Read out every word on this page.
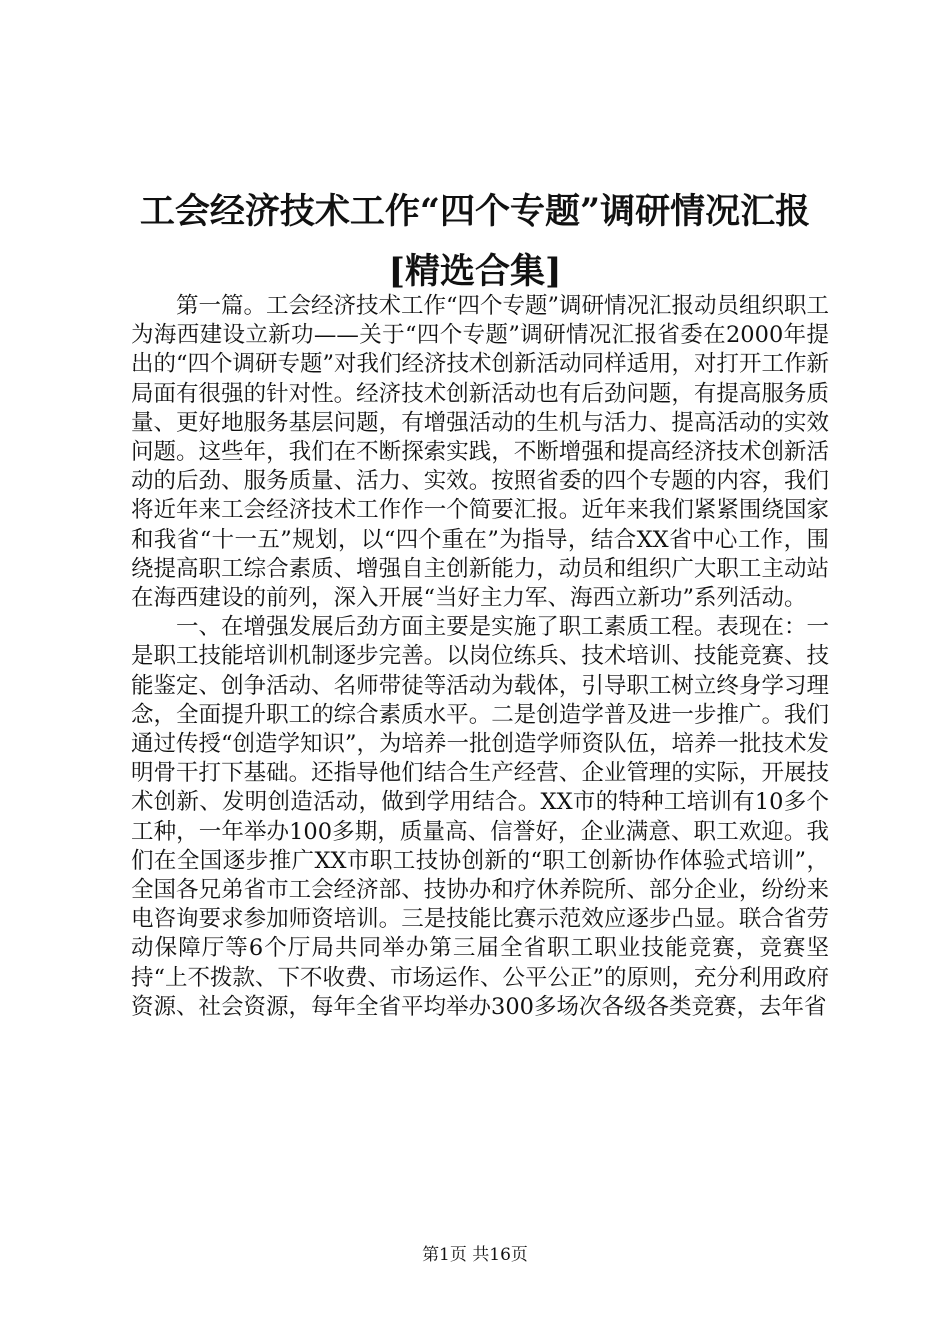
工会经济技术工作“四个专题”调研情况汇报
[精选合集]

第一篇。工会经济技术工作“四个专题”调研情况汇报动员组织职工为海西建设立新功——关于“四个专题”调研情况汇报省委在2000年提出的“四个调研专题”对我们经济技术创新活动同样适用，对打开工作新局面有很强的针对性。经济技术创新活动也有后劲问题，有提高服务质量、更好地服务基层问题，有增强活动的生机与活力、提高活动的实效问题。这些年，我们在不断探索实践，不断增强和提高经济技术创新活动的后劲、服务质量、活力、实效。按照省委的四个专题的内容，我们将近年来工会经济技术工作作一个简要汇报。近年来我们紧紧围绕国家和我省“十一五”规划，以“四个重在”为指导，结合XX省中心工作，围绕提高职工综合素质、增强自主创新能力，动员和组织广大职工主动站在海西建设的前列，深入开展“当好主力军、海西立新功”系列活动。

一、在增强发展后劲方面主要是实施了职工素质工程。表现在：一是职工技能培训机制逐步完善。以岗位练兵、技术培训、技能竞赛、技能鉴定、创争活动、名师带徒等活动为载体，引导职工树立终身学习理念，全面提升职工的综合素质水平。二是创造学普及进一步推广。我们通过传授“创造学知识”，为培养一批创造学师资队伍，培养一批技术发明骨干打下基础。还指导他们结合生产经营、企业管理的实际，开展技术创新、发明创造活动，做到学用结合。XX市的特种工培训有10多个工种，一年举办100多期，质量高、信誉好，企业满意、职工欢迎。我们在全国逐步推广XX市职工技协创新的“职工创新协作体验式培训”，全国各兄弟省市工会经济部、技协办和疗休养院所、部分企业，纷纷来电咨询要求参加师资培训。三是技能比赛示范效应逐步凸显。联合省劳动保障厅等6个厅局共同举办第三届全省职工职业技能竞赛，竞赛坚持“上不拨款、下不收费、市场运作、公平公正”的原则，充分利用政府资源、社会资源，每年全省平均举办300多场次各级各类竞赛，去年省

第1页 共16页
